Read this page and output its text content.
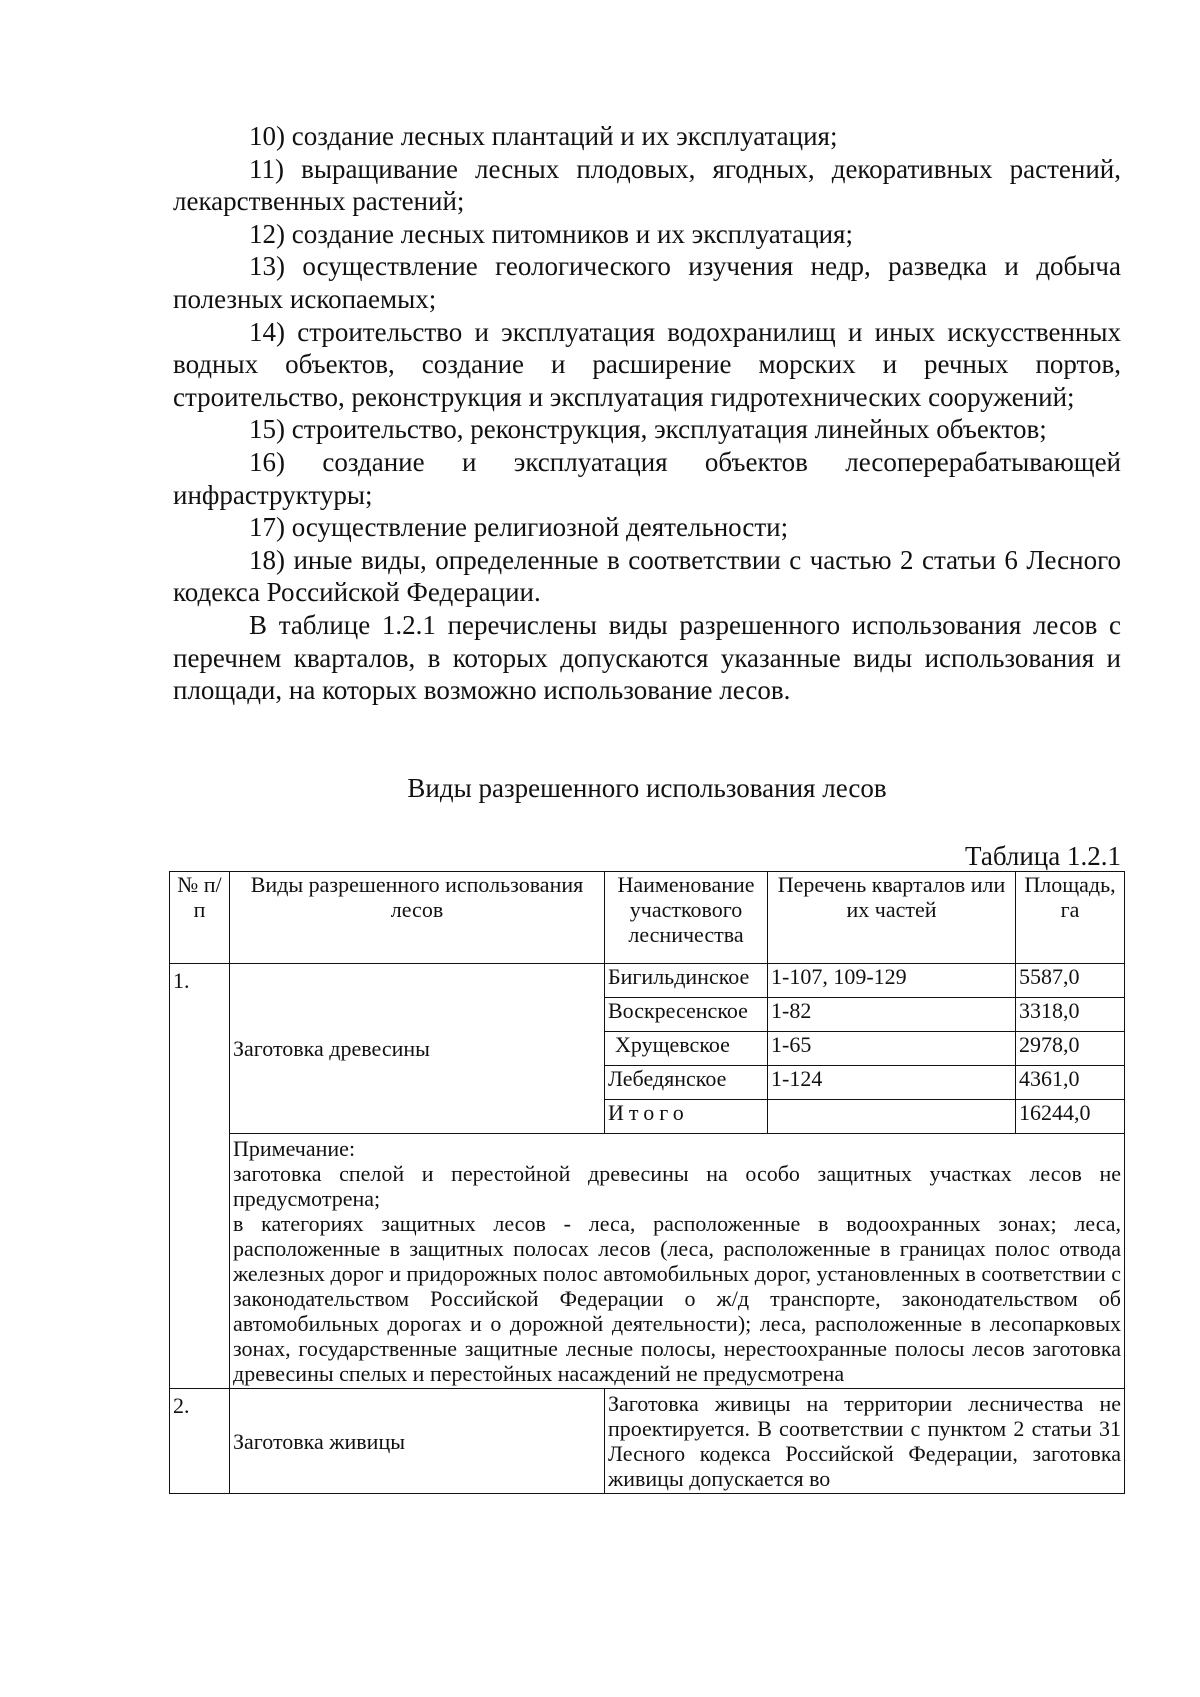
10) создание лесных плантаций и их эксплуатация;

11) выращивание лесных плодовых, ягодных, декоративных растений, лекарственных растений;

12) создание лесных питомников и их эксплуатация;

13) осуществление геологического изучения недр, разведка и добыча полезных ископаемых;

14) строительство и эксплуатация водохранилищ и иных искусственных водных объектов, создание и расширение морских и речных портов, строительство, реконструкция и эксплуатация гидротехнических сооружений;

15) строительство, реконструкция, эксплуатация линейных объектов;

16) создание и эксплуатация объектов лесоперерабатывающей инфраструктуры;

17) осуществление религиозной деятельности;

18) иные виды, определенные в соответствии с частью 2 статьи 6 Лесного кодекса Российской Федерации.

В таблице 1.2.1 перечислены виды разрешенного использования лесов с перечнем кварталов, в которых допускаются указанные виды использования и площади, на которых возможно использование лесов.

Виды разрешенного использования лесов
Таблица 1.2.1
№ п/п	Виды разрешенного использования лесов	Наименование участкового лесничества	Перечень кварталов или их частей	Площадь, га
1.	Заготовка древесины	Бигильдинское	1-107, 109-129	5587,0
		Воскресенское	1-82	3318,0
		Хрущевское	1-65	2978,0
		Лебедянское	1-124	4361,0
		Итого		16244,0

	Примечание:

заготовка спелой и перестойной древесины на особо защитных участках лесов не предусмотрена;

в категориях защитных лесов - леса, расположенные в водоохранных зонах; леса, расположенные в защитных полосах лесов (леса, расположенные в границах полос отвода железных дорог и придорожных полос автомобильных дорог, установленных в соответствии с законодательством Российской Федерации о ж/д транспорте, законодательством об автомобильных дорогах и о дорожной деятельности); леса, расположенные в лесопарковых зонах, государственные защитные лесные полосы, нерестоохранные полосы лесов заготовка древесины спелых и перестойных насаждений не предусмотрена			

2.	Заготовка живицы	Заготовка живицы на территории лесничества не проектируется. В соответствии с пунктом 2 статьи 31 Лесного кодекса Российской Федерации, заготовка живицы допускается во		
